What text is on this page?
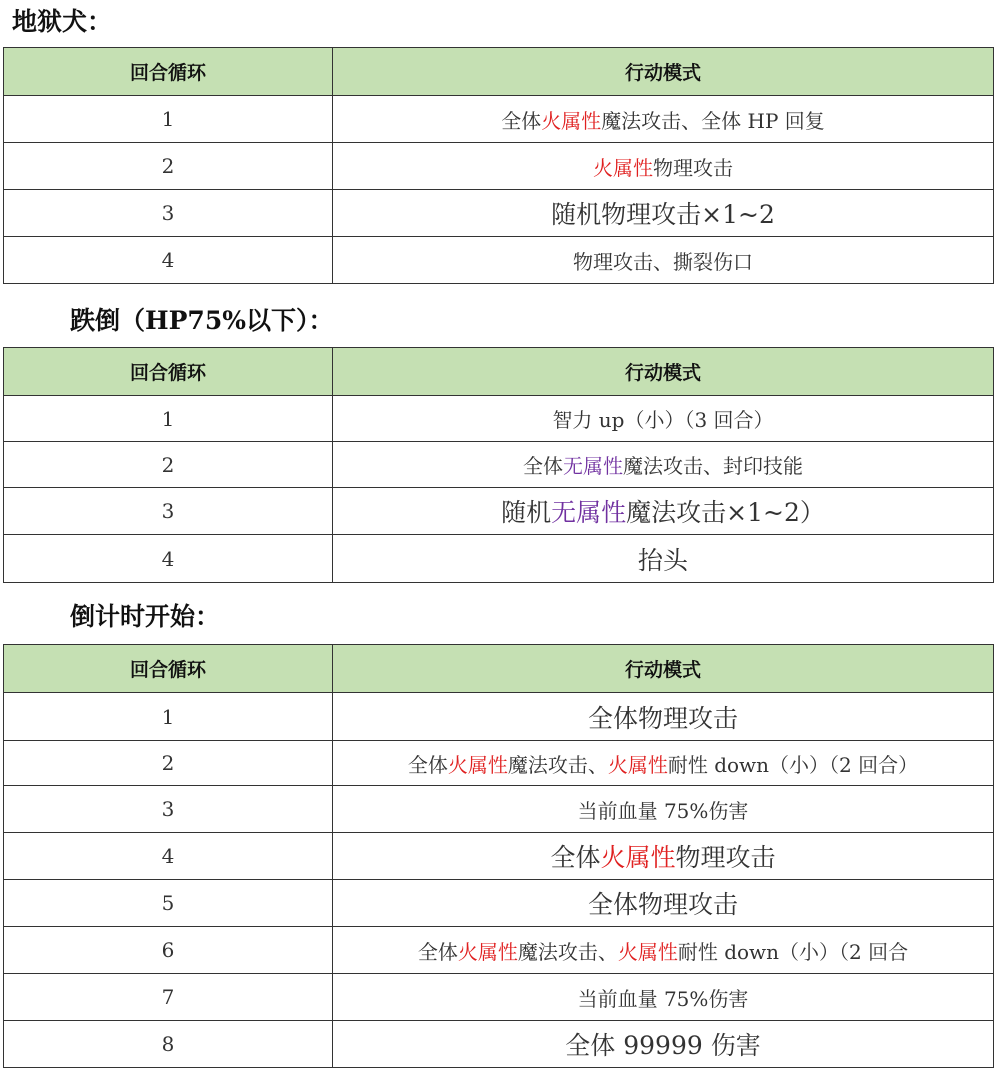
地狱犬：
回合循环	行动模式
1	全体火属性魔法攻击、全体 HP 回复
2	火属性物理攻击
3	随机物理攻击×1~2
4	物理攻击、撕裂伤口
跌倒（HP75%以下）：
回合循环	行动模式
1	智力 up（小）（3 回合）
2	全体无属性魔法攻击、封印技能
3	随机无属性魔法攻击×1~2）
4	抬头
倒计时开始：
回合循环	行动模式
1	全体物理攻击
2	全体火属性魔法攻击、火属性耐性 down（小）（2 回合）
3	当前血量 75%伤害
4	全体火属性物理攻击
5	全体物理攻击
6	全体火属性魔法攻击、火属性耐性 down（小）（2 回合
7	当前血量 75%伤害
8	全体 99999 伤害
